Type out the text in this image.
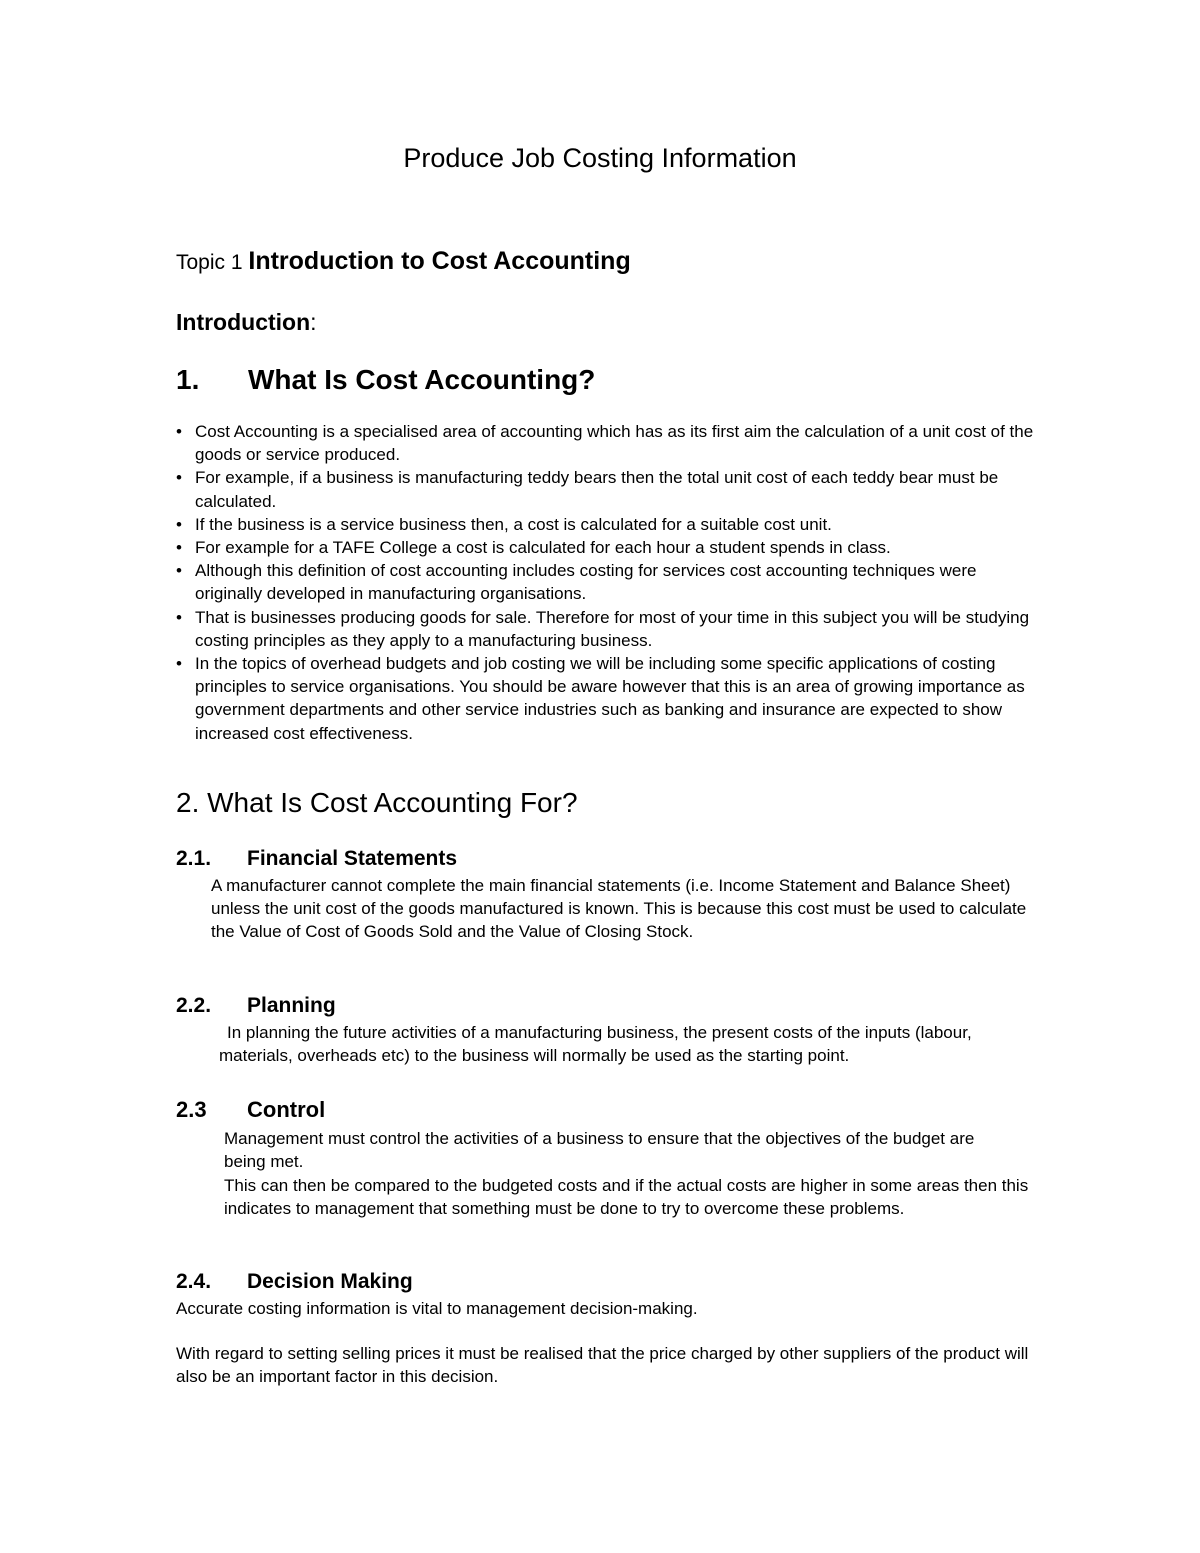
Produce Job Costing Information
Topic 1 Introduction to Cost Accounting
Introduction:
1. What Is Cost Accounting?
• Cost Accounting is a specialised area of accounting which has as its first aim the calculation of a unit cost of the goods or service produced.
• For example, if a business is manufacturing teddy bears then the total unit cost of each teddy bear must be calculated.
• If the business is a service business then, a cost is calculated for a suitable cost unit.
• For example for a TAFE College a cost is calculated for each hour a student spends in class.
• Although this definition of cost accounting includes costing for services cost accounting techniques were originally developed in manufacturing organisations.
• That is businesses producing goods for sale. Therefore for most of your time in this subject you will be studying costing principles as they apply to a manufacturing business.
• In the topics of overhead budgets and job costing we will be including some specific applications of costing principles to service organisations. You should be aware however that this is an area of growing importance as government departments and other service industries such as banking and insurance are expected to show increased cost effectiveness.
2. What Is Cost Accounting For?
2.1. Financial Statements

A manufacturer cannot complete the main financial statements (i.e. Income Statement and Balance Sheet) unless the unit cost of the goods manufactured is known. This is because this cost must be used to calculate the Value of Cost of Goods Sold and the Value of Closing Stock.

2.2. Planning

In planning the future activities of a manufacturing business, the present costs of the inputs (labour, materials, overheads etc) to the business will normally be used as the starting point.

2.3 Control

Management must control the activities of a business to ensure that the objectives of the budget are being met.

This can then be compared to the budgeted costs and if the actual costs are higher in some areas then this indicates to management that something must be done to try to overcome these problems.

2.4. Decision Making

Accurate costing information is vital to management decision-making.

With regard to setting selling prices it must be realised that the price charged by other suppliers of the product will also be an important factor in this decision.
